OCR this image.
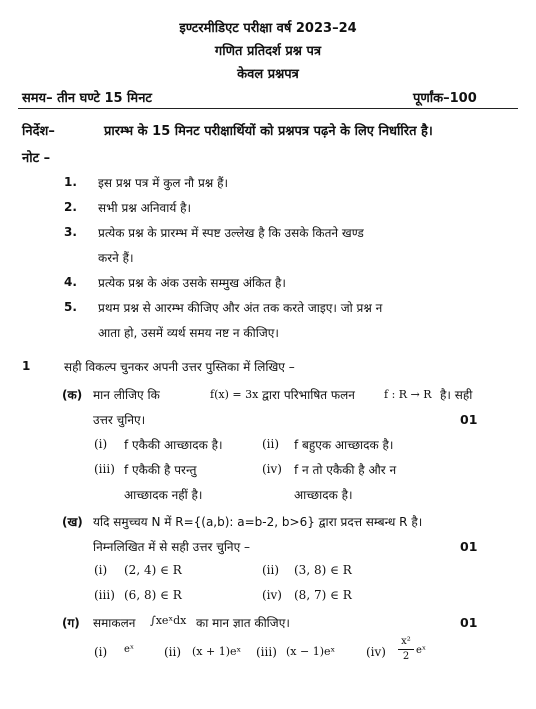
इण्टरमीडिएट परीक्षा वर्ष 2023–24
गणित प्रतिदर्श प्रश्न पत्र
केवल प्रश्नपत्र
समय– तीन घण्टे 15 मिनट	पूर्णांक–100
निर्देश–	प्रारम्भ के 15 मिनट परीक्षार्थियों को प्रश्नपत्र पढ़ने के लिए निर्धारित है।
नोट –
1. इस प्रश्न पत्र में कुल नौ प्रश्न हैं।
2. सभी प्रश्न अनिवार्य है।
3. प्रत्येक प्रश्न के प्रारम्भ में स्पष्ट उल्लेख है कि उसके कितने खण्ड
करने हैं।
4. प्रत्येक प्रश्न के अंक उसके सम्मुख अंकित है।
5. प्रथम प्रश्न से आरम्भ कीजिए और अंत तक करते जाइए। जो प्रश्न न
आता हो, उसमें व्यर्थ समय नष्ट न कीजिए।
1	सही विकल्प चुनकर अपनी उत्तर पुस्तिका में लिखिए –
(क) मान लीजिए कि	f(x) = 3x द्वारा परिभाषित फलन	f : R → R है। सही
उत्तर चुनिए।	01
(i) f एकैकी आच्छादक है।	(ii) f बहुएक आच्छादक है।
(iii) f एकैकी है परन्तु
आच्छादक नहीं है।
(iv) f न तो एकैकी है और न
आच्छादक है।
(ख) यदि समुच्चय N में R={(a,b): a=b-2, b>6} द्वारा प्रदत्त सम्बन्ध R है।
निम्नलिखित में से सही उत्तर चुनिए –	01
(i) (2, 4) ∈ R	(ii) (3, 8) ∈ R
(iii) (6, 8) ∈ R	(iv) (8, 7) ∈ R
(ग) समाकलन ∫xeˣdx का मान ज्ञात कीजिए।	01
(i) eˣ (ii) (x + 1)eˣ (iii) (x − 1)eˣ	(iv)
x²
2
eˣ
